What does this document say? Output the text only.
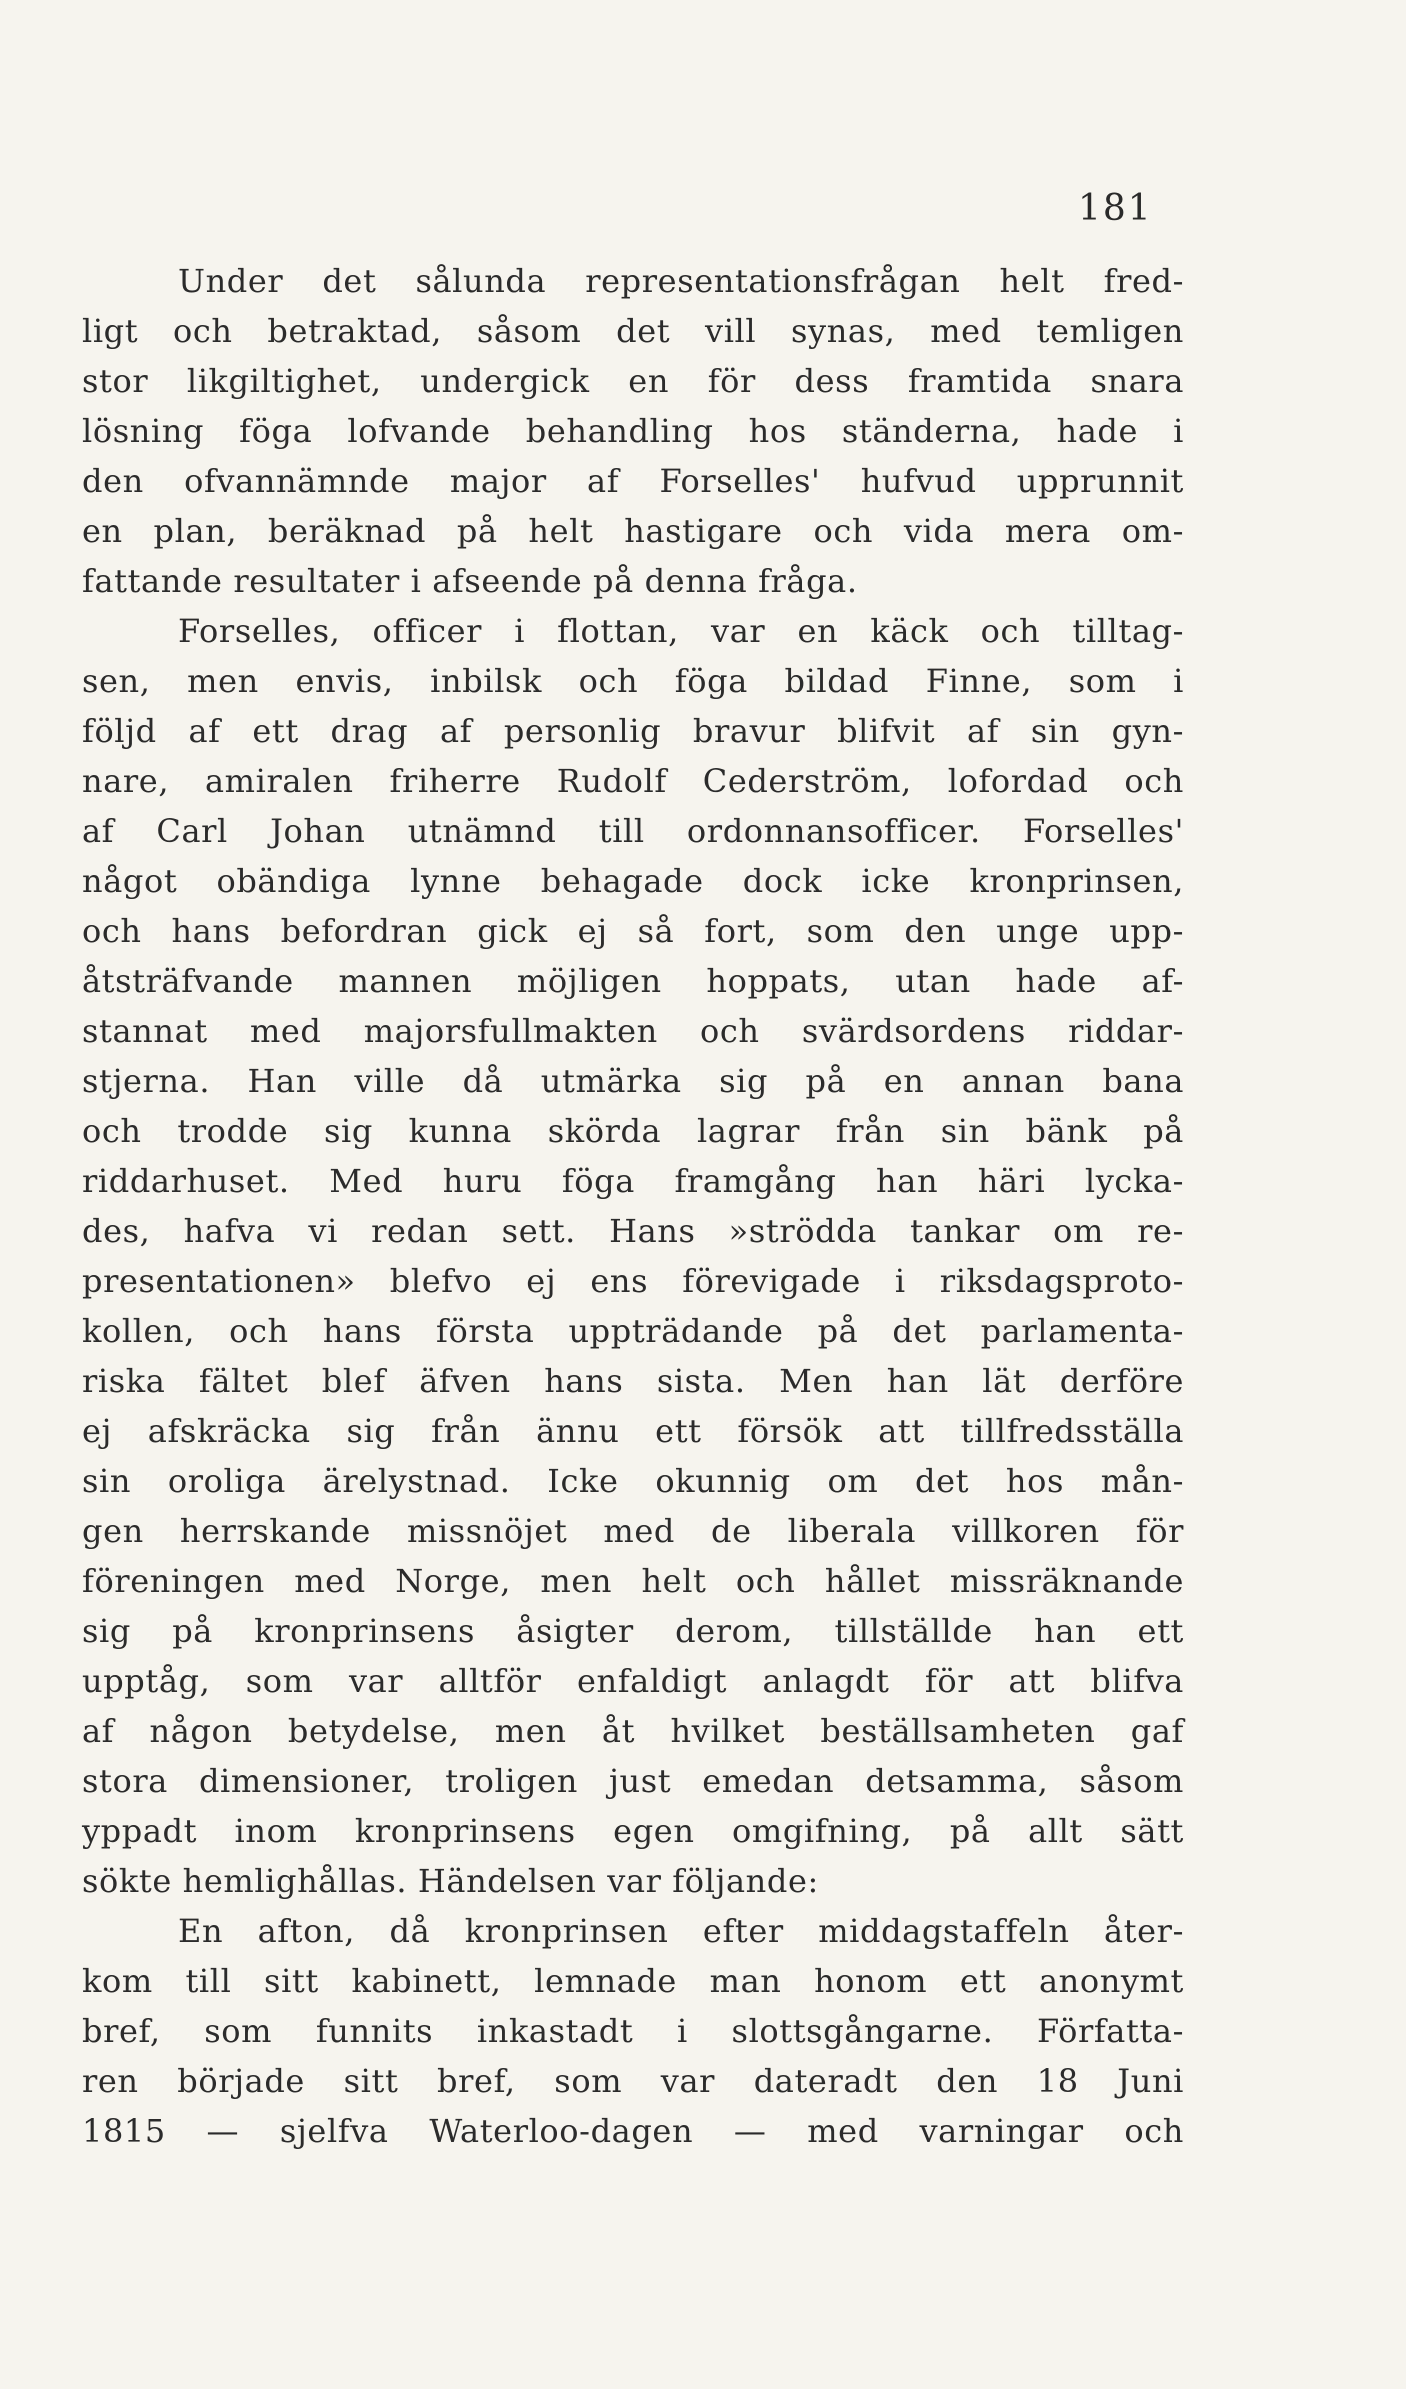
181
Under det sålunda representationsfrågan helt fred-
ligt och betraktad, såsom det vill synas, med temligen
stor likgiltighet, undergick en för dess framtida snara
lösning föga lofvande behandling hos ständerna, hade i
den ofvannämnde major af Forselles' hufvud upprunnit
en plan, beräknad på helt hastigare och vida mera om-
fattande resultater i afseende på denna fråga.
Forselles, officer i flottan, var en käck och tilltag-
sen, men envis, inbilsk och föga bildad Finne, som i
följd af ett drag af personlig bravur blifvit af sin gyn-
nare, amiralen friherre Rudolf Cederström, lofordad och
af Carl Johan utnämnd till ordonnansofficer. Forselles'
något obändiga lynne behagade dock icke kronprinsen,
och hans befordran gick ej så fort, som den unge upp-
åtsträfvande mannen möjligen hoppats, utan hade af-
stannat med majorsfullmakten och svärdsordens riddar-
stjerna. Han ville då utmärka sig på en annan bana
och trodde sig kunna skörda lagrar från sin bänk på
riddarhuset. Med huru föga framgång han häri lycka-
des, hafva vi redan sett. Hans »strödda tankar om re-
presentationen» blefvo ej ens förevigade i riksdagsproto-
kollen, och hans första uppträdande på det parlamenta-
riska fältet blef äfven hans sista. Men han lät derföre
ej afskräcka sig från ännu ett försök att tillfredsställa
sin oroliga ärelystnad. Icke okunnig om det hos mån-
gen herrskande missnöjet med de liberala villkoren för
föreningen med Norge, men helt och hållet missräknande
sig på kronprinsens åsigter derom, tillställde han ett
upptåg, som var alltför enfaldigt anlagdt för att blifva
af någon betydelse, men åt hvilket beställsamheten gaf
stora dimensioner, troligen just emedan detsamma, såsom
yppadt inom kronprinsens egen omgifning, på allt sätt
sökte hemlighållas. Händelsen var följande:
En afton, då kronprinsen efter middagstaffeln åter-
kom till sitt kabinett, lemnade man honom ett anonymt
bref, som funnits inkastadt i slottsgångarne. Författa-
ren började sitt bref, som var dateradt den 18 Juni
1815 — sjelfva Waterloo-dagen — med varningar och
